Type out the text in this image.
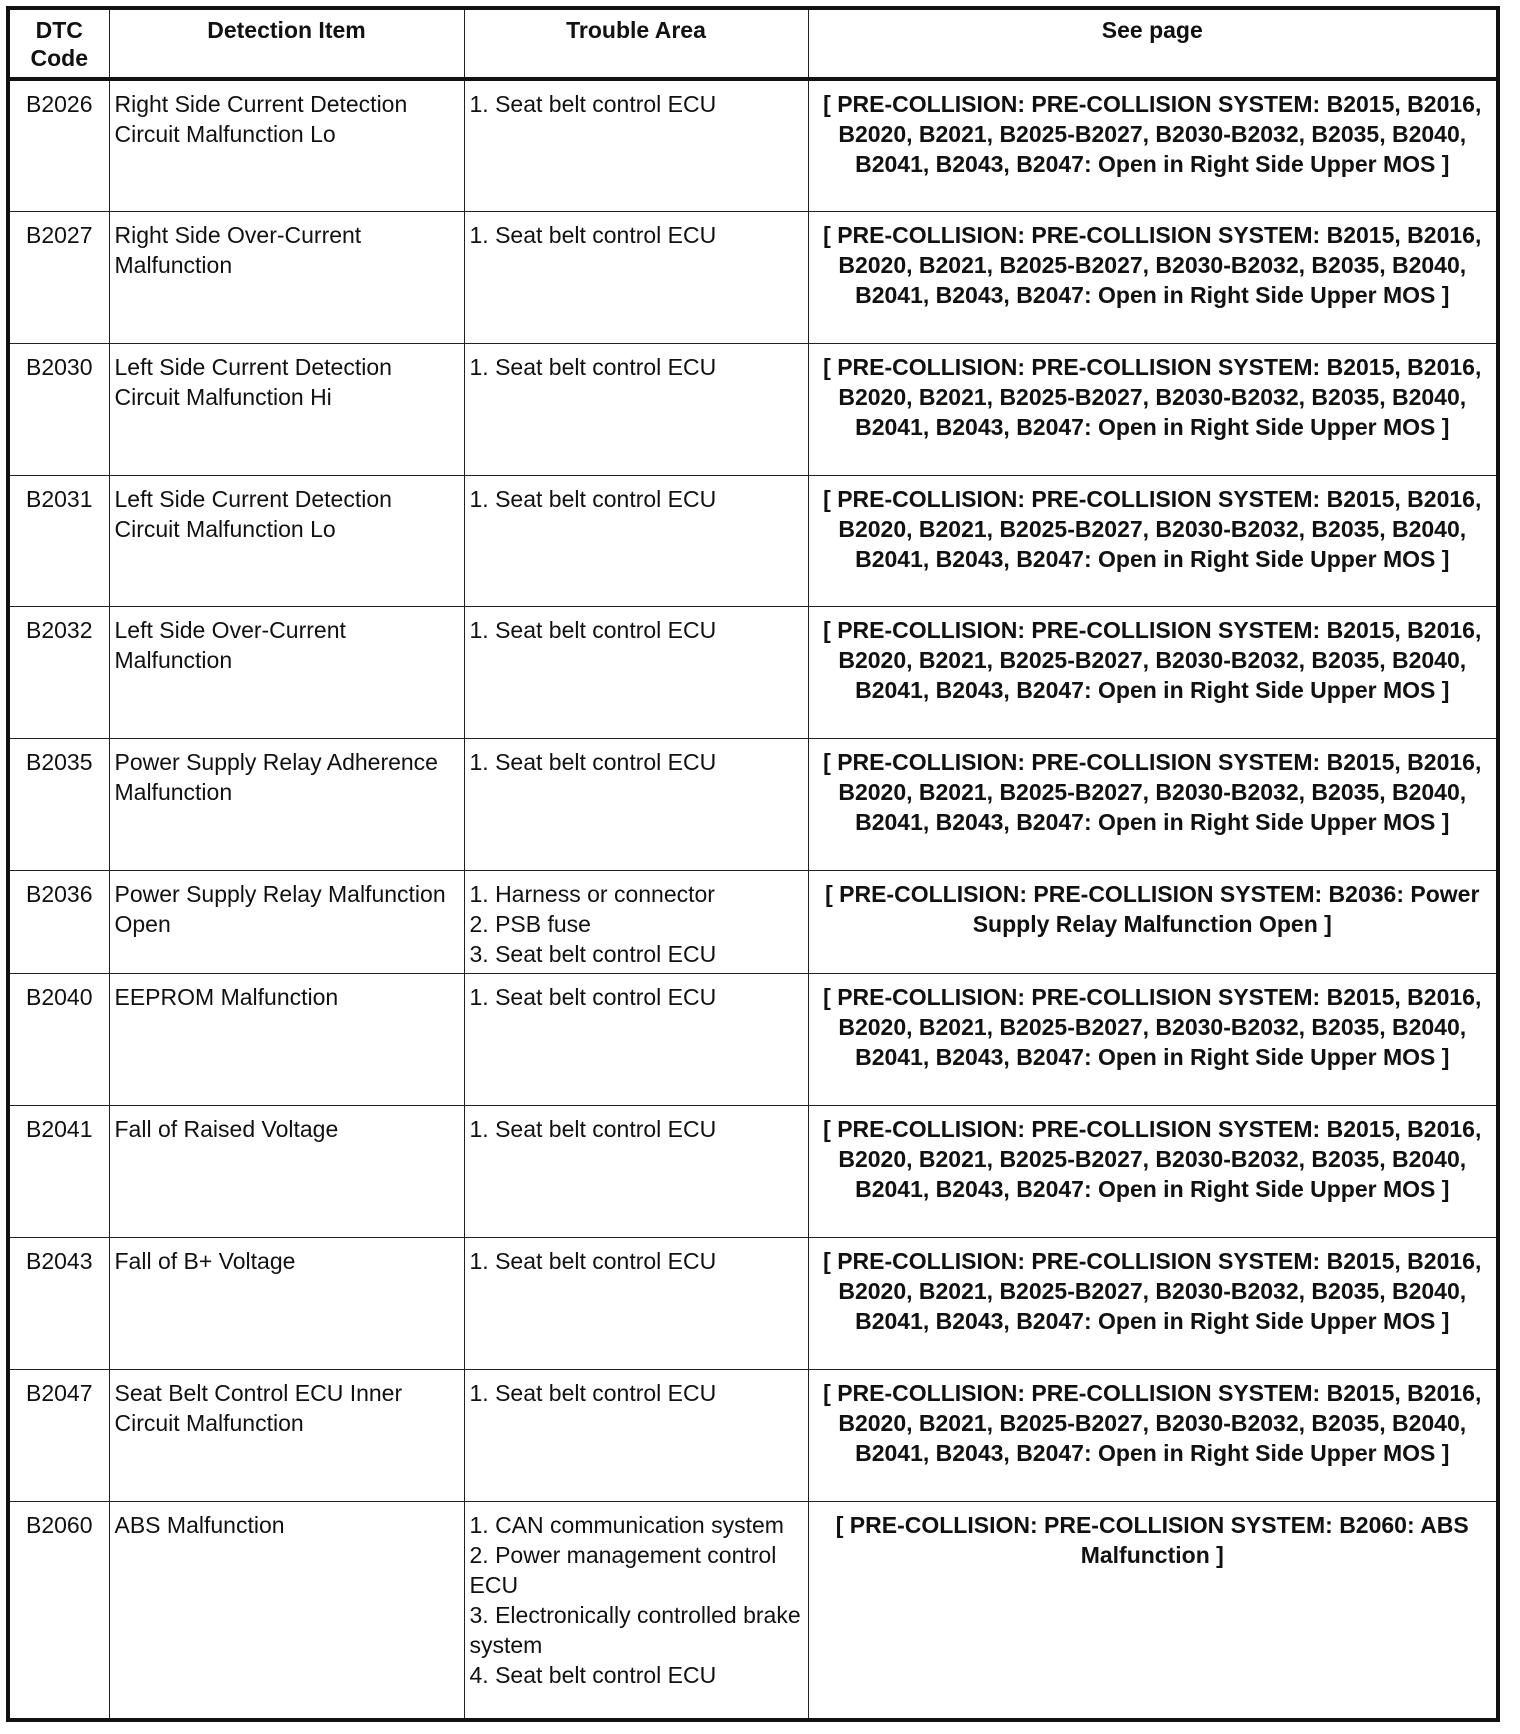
DTC Code	Detection Item	Trouble Area	See page
B2026	Right Side Current Detection Circuit Malfunction Lo	1. Seat belt control ECU	[ PRE-COLLISION: PRE-COLLISION SYSTEM: B2015, B2016, B2020, B2021, B2025-B2027, B2030-B2032, B2035, B2040, B2041, B2043, B2047: Open in Right Side Upper MOS ]
B2027	Right Side Over-Current Malfunction	1. Seat belt control ECU	[ PRE-COLLISION: PRE-COLLISION SYSTEM: B2015, B2016, B2020, B2021, B2025-B2027, B2030-B2032, B2035, B2040, B2041, B2043, B2047: Open in Right Side Upper MOS ]
B2030	Left Side Current Detection Circuit Malfunction Hi	1. Seat belt control ECU	[ PRE-COLLISION: PRE-COLLISION SYSTEM: B2015, B2016, B2020, B2021, B2025-B2027, B2030-B2032, B2035, B2040, B2041, B2043, B2047: Open in Right Side Upper MOS ]
B2031	Left Side Current Detection Circuit Malfunction Lo	1. Seat belt control ECU	[ PRE-COLLISION: PRE-COLLISION SYSTEM: B2015, B2016, B2020, B2021, B2025-B2027, B2030-B2032, B2035, B2040, B2041, B2043, B2047: Open in Right Side Upper MOS ]
B2032	Left Side Over-Current Malfunction	1. Seat belt control ECU	[ PRE-COLLISION: PRE-COLLISION SYSTEM: B2015, B2016, B2020, B2021, B2025-B2027, B2030-B2032, B2035, B2040, B2041, B2043, B2047: Open in Right Side Upper MOS ]
B2035	Power Supply Relay Adherence Malfunction	1. Seat belt control ECU	[ PRE-COLLISION: PRE-COLLISION SYSTEM: B2015, B2016, B2020, B2021, B2025-B2027, B2030-B2032, B2035, B2040, B2041, B2043, B2047: Open in Right Side Upper MOS ]
B2036	Power Supply Relay Malfunction Open	1. Harness or connector
2. PSB fuse
3. Seat belt control ECU	[ PRE-COLLISION: PRE-COLLISION SYSTEM: B2036: Power Supply Relay Malfunction Open ]
B2040	EEPROM Malfunction	1. Seat belt control ECU	[ PRE-COLLISION: PRE-COLLISION SYSTEM: B2015, B2016, B2020, B2021, B2025-B2027, B2030-B2032, B2035, B2040, B2041, B2043, B2047: Open in Right Side Upper MOS ]
B2041	Fall of Raised Voltage	1. Seat belt control ECU	[ PRE-COLLISION: PRE-COLLISION SYSTEM: B2015, B2016, B2020, B2021, B2025-B2027, B2030-B2032, B2035, B2040, B2041, B2043, B2047: Open in Right Side Upper MOS ]
B2043	Fall of B+ Voltage	1. Seat belt control ECU	[ PRE-COLLISION: PRE-COLLISION SYSTEM: B2015, B2016, B2020, B2021, B2025-B2027, B2030-B2032, B2035, B2040, B2041, B2043, B2047: Open in Right Side Upper MOS ]
B2047	Seat Belt Control ECU Inner Circuit Malfunction	1. Seat belt control ECU	[ PRE-COLLISION: PRE-COLLISION SYSTEM: B2015, B2016, B2020, B2021, B2025-B2027, B2030-B2032, B2035, B2040, B2041, B2043, B2047: Open in Right Side Upper MOS ]
B2060	ABS Malfunction	1. CAN communication system
2. Power management control ECU
3. Electronically controlled brake system
4. Seat belt control ECU	[ PRE-COLLISION: PRE-COLLISION SYSTEM: B2060: ABS Malfunction ]
